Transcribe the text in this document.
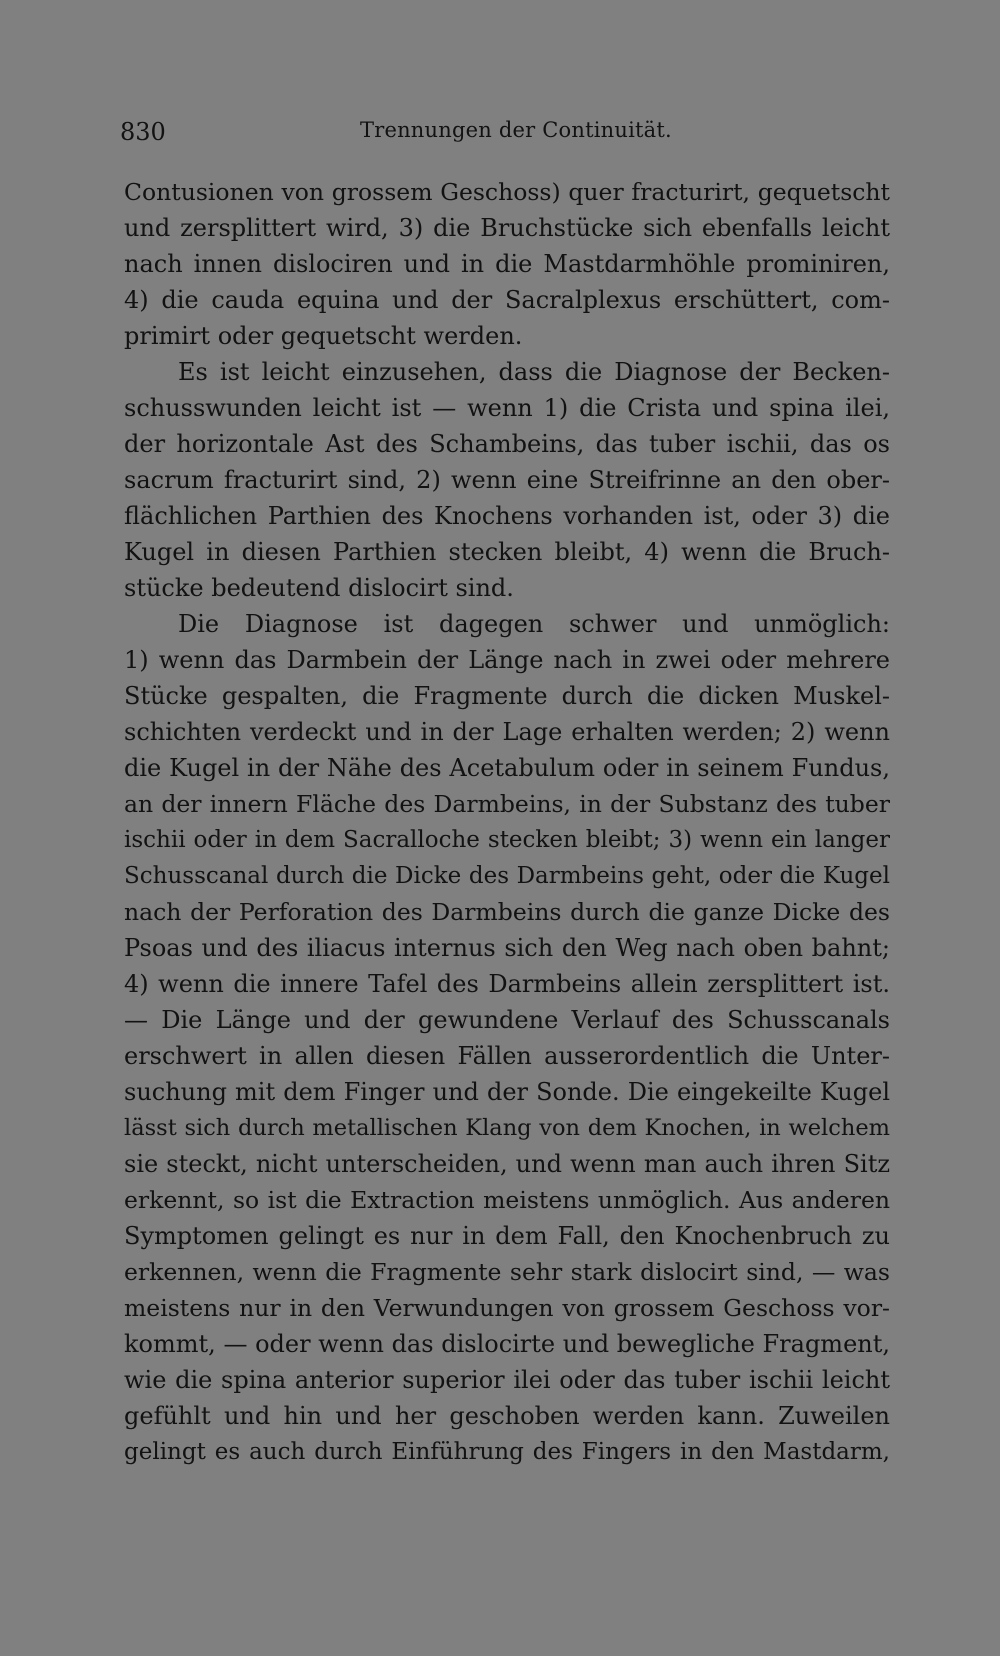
830	Trennungen der Continuität.
Contusionen von grossem Geschoss) quer fracturirt, gequetscht
und zersplittert wird, 3) die Bruchstücke sich ebenfalls leicht
nach innen dislociren und in die Mastdarmhöhle prominiren,
4) die cauda equina und der Sacralplexus erschüttert, com-
primirt oder gequetscht werden.
Es ist leicht einzusehen, dass die Diagnose der Becken-
schusswunden leicht ist — wenn 1) die Crista und spina ilei,
der horizontale Ast des Schambeins, das tuber ischii, das os
sacrum fracturirt sind, 2) wenn eine Streifrinne an den ober-
flächlichen Parthien des Knochens vorhanden ist, oder 3) die
Kugel in diesen Parthien stecken bleibt, 4) wenn die Bruch-
stücke bedeutend dislocirt sind.
Die Diagnose ist dagegen schwer und unmöglich:
1) wenn das Darmbein der Länge nach in zwei oder mehrere
Stücke gespalten, die Fragmente durch die dicken Muskel-
schichten verdeckt und in der Lage erhalten werden; 2) wenn
die Kugel in der Nähe des Acetabulum oder in seinem Fundus,
an der innern Fläche des Darmbeins, in der Substanz des tuber
ischii oder in dem Sacralloche stecken bleibt; 3) wenn ein langer
Schusscanal durch die Dicke des Darmbeins geht, oder die Kugel
nach der Perforation des Darmbeins durch die ganze Dicke des
Psoas und des iliacus internus sich den Weg nach oben bahnt;
4) wenn die innere Tafel des Darmbeins allein zersplittert ist.
— Die Länge und der gewundene Verlauf des Schusscanals
erschwert in allen diesen Fällen ausserordentlich die Unter-
suchung mit dem Finger und der Sonde. Die eingekeilte Kugel
lässt sich durch metallischen Klang von dem Knochen, in welchem
sie steckt, nicht unterscheiden, und wenn man auch ihren Sitz
erkennt, so ist die Extraction meistens unmöglich. Aus anderen
Symptomen gelingt es nur in dem Fall, den Knochenbruch zu
erkennen, wenn die Fragmente sehr stark dislocirt sind, — was
meistens nur in den Verwundungen von grossem Geschoss vor-
kommt, — oder wenn das dislocirte und bewegliche Fragment,
wie die spina anterior superior ilei oder das tuber ischii leicht
gefühlt und hin und her geschoben werden kann. Zuweilen
gelingt es auch durch Einführung des Fingers in den Mastdarm,
